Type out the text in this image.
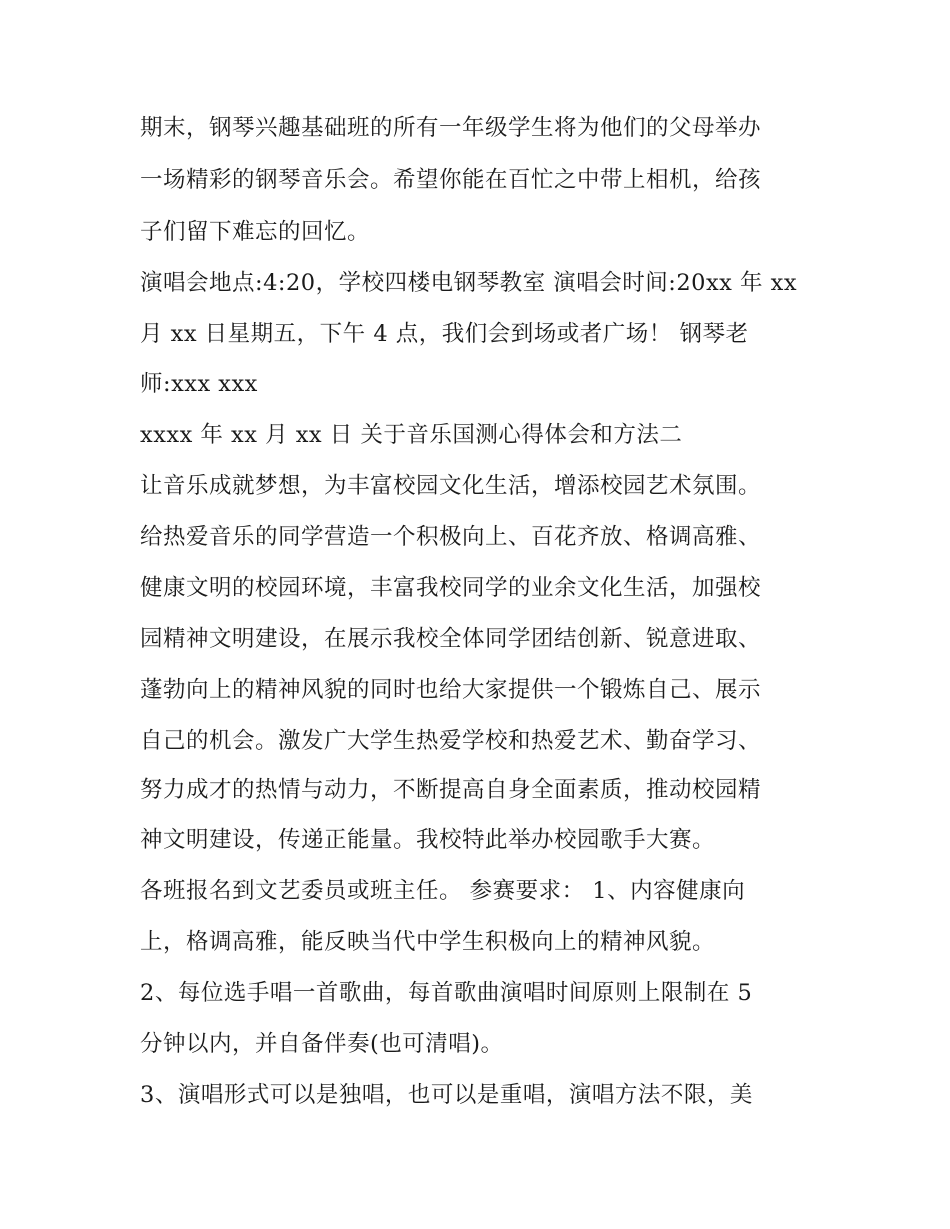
期末，钢琴兴趣基础班的所有一年级学生将为他们的父母举办
一场精彩的钢琴音乐会。希望你能在百忙之中带上相机，给孩
子们留下难忘的回忆。
演唱会地点:4:20，学校四楼电钢琴教室 演唱会时间:20xx 年 xx
月 xx 日星期五，下午 4 点，我们会到场或者广场！ 钢琴老
师:xxx xxx
xxxx 年 xx 月 xx 日 关于音乐国测心得体会和方法二
让音乐成就梦想，为丰富校园文化生活，增添校园艺术氛围。
给热爱音乐的同学营造一个积极向上、百花齐放、格调高雅、
健康文明的校园环境，丰富我校同学的业余文化生活，加强校
园精神文明建设，在展示我校全体同学团结创新、锐意进取、
蓬勃向上的精神风貌的同时也给大家提供一个锻炼自己、展示
自己的机会。激发广大学生热爱学校和热爱艺术、勤奋学习、
努力成才的热情与动力，不断提高自身全面素质，推动校园精
神文明建设，传递正能量。我校特此举办校园歌手大赛。
各班报名到文艺委员或班主任。 参赛要求： 1、内容健康向
上，格调高雅，能反映当代中学生积极向上的精神风貌。
2、每位选手唱一首歌曲，每首歌曲演唱时间原则上限制在 5
分钟以内，并自备伴奏(也可清唱)。
3、演唱形式可以是独唱，也可以是重唱，演唱方法不限，美
